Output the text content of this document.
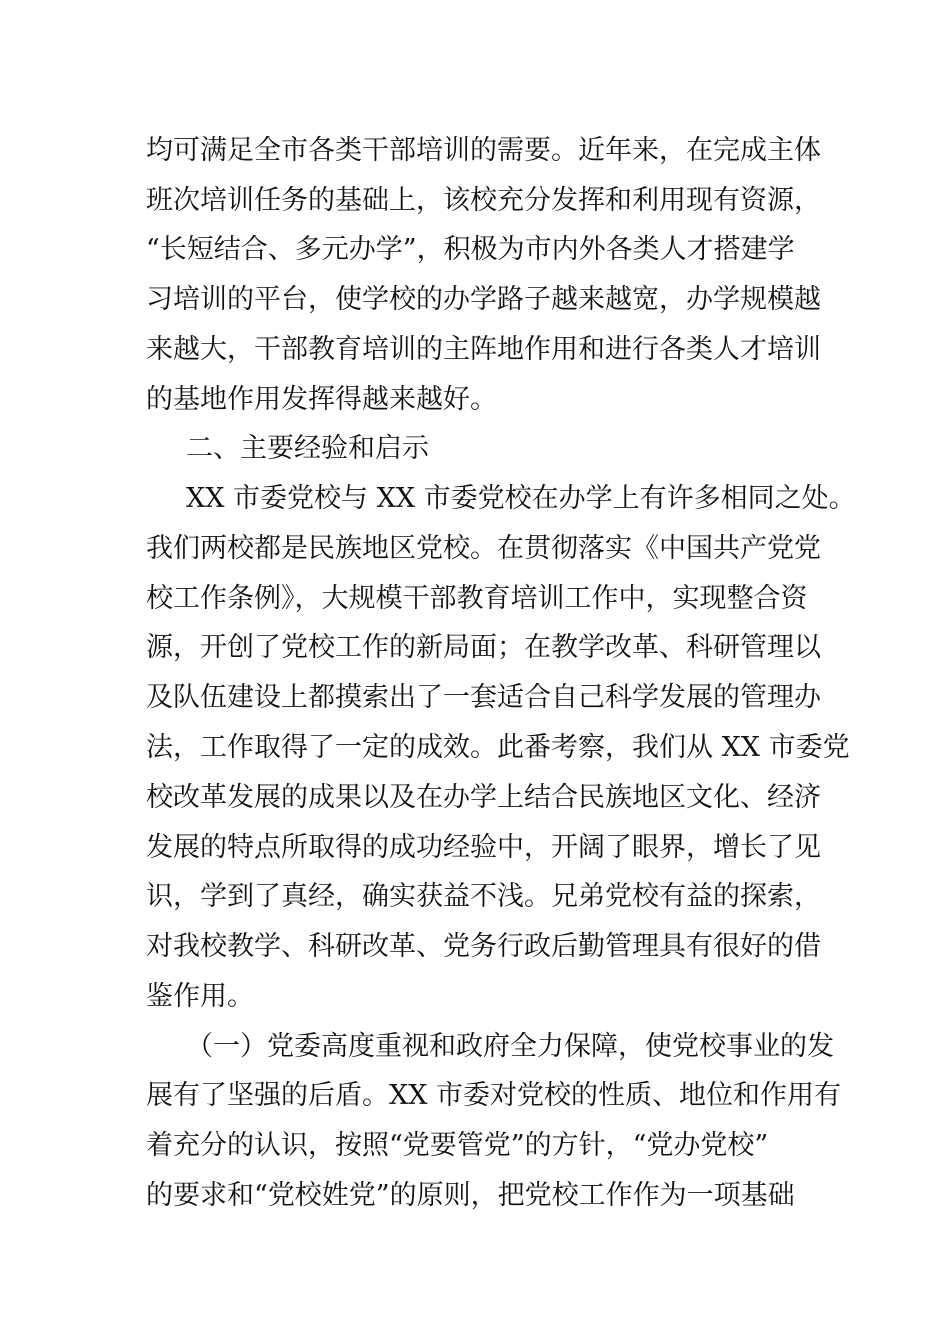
均可满足全市各类干部培训的需要。近年来，在完成主体
班次培训任务的基础上，该校充分发挥和利用现有资源，
“长短结合、多元办学”，积极为市内外各类人才搭建学
习培训的平台，使学校的办学路子越来越宽，办学规模越
来越大，干部教育培训的主阵地作用和进行各类人才培训
的基地作用发挥得越来越好。
二、主要经验和启示
XX 市委党校与 XX 市委党校在办学上有许多相同之处。
我们两校都是民族地区党校。在贯彻落实《中国共产党党
校工作条例》，大规模干部教育培训工作中，实现整合资
源，开创了党校工作的新局面；在教学改革、科研管理以
及队伍建设上都摸索出了一套适合自己科学发展的管理办
法，工作取得了一定的成效。此番考察，我们从 XX 市委党
校改革发展的成果以及在办学上结合民族地区文化、经济
发展的特点所取得的成功经验中，开阔了眼界，增长了见
识，学到了真经，确实获益不浅。兄弟党校有益的探索，
对我校教学、科研改革、党务行政后勤管理具有很好的借
鉴作用。
（一）党委高度重视和政府全力保障，使党校事业的发
展有了坚强的后盾。XX 市委对党校的性质、地位和作用有
着充分的认识，按照“党要管党”的方针，“党办党校”
的要求和“党校姓党”的原则，把党校工作作为一项基础
